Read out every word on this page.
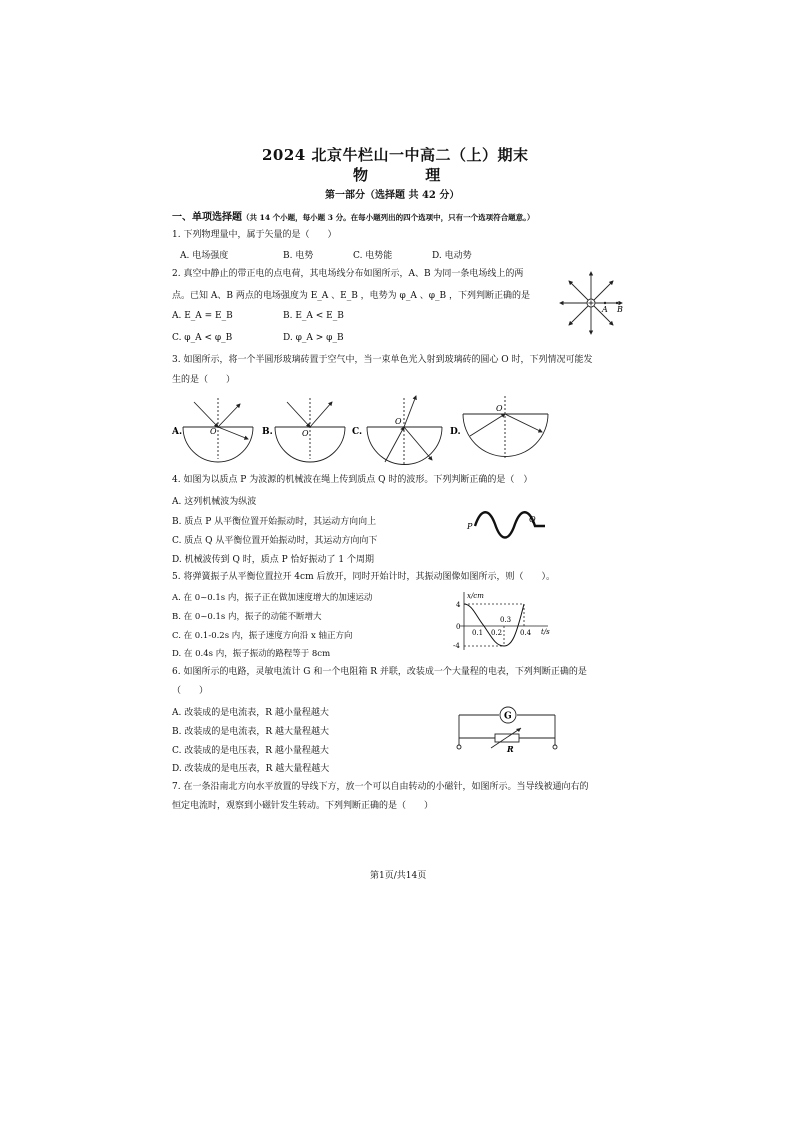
2024 北京牛栏山一中高二（上）期末
物 理
第一部分（选择题 共 42 分）
一、单项选择题（共 14 个小题，每小题 3 分。在每小题列出的四个选项中，只有一个选项符合题意。）
1. 下列物理量中，属于矢量的是（　　）
A. 电场强度	B. 电势	C. 电势能	D. 电动势
2. 真空中静止的带正电的点电荷，其电场线分布如图所示，A、B 为同一条电场线上的两
点。已知 A、B 两点的电场强度为 E_A 、E_B ，电势为 φ_A 、φ_B ，下列判断正确的是
A. E_A = E_B	B. E_A < E_B
C. φ_A < φ_B	D. φ_A > φ_B
A B
3. 如图所示，将一个半圆形玻璃砖置于空气中，当一束单色光入射到玻璃砖的圆心 O 时，下列情况可能发
生的是（　　）
A.	B.	C.	D.
O	O
O
O
4. 如图为以质点 P 为波源的机械波在绳上传到质点 Q 时的波形。下列判断正确的是（　）
A. 这列机械波为纵波
B. 质点 P 从平衡位置开始振动时，其运动方向向上
C. 质点 Q 从平衡位置开始振动时，其运动方向向下
D. 机械波传到 Q 时，质点 P 恰好振动了 1 个周期
P
Q
5. 将弹簧振子从平衡位置拉开 4cm 后放开，同时开始计时，其振动图像如图所示，则（　　）。
A. 在 0~0.1s 内，振子正在做加速度增大的加速运动
B. 在 0~0.1s 内，振子的动能不断增大
C. 在 0.1-0.2s 内，振子速度方向沿 x 轴正方向
D. 在 0.4s 内，振子振动的路程等于 8cm
x/cm
t/s
4
0
-4
0.1 0.2
0.3
0.4
6. 如图所示的电路，灵敏电流计 G 和一个电阻箱 R 并联，改装成一个大量程的电表，下列判断正确的是
（　　）
A. 改装成的是电流表，R 越小量程越大
B. 改装成的是电流表，R 越大量程越大
C. 改装成的是电压表，R 越小量程越大
D. 改装成的是电压表，R 越大量程越大
G
R
7. 在一条沿南北方向水平放置的导线下方，放一个可以自由转动的小磁针，如图所示。当导线被通向右的
恒定电流时，观察到小磁针发生转动。下列判断正确的是（　　）
第1页/共14页
